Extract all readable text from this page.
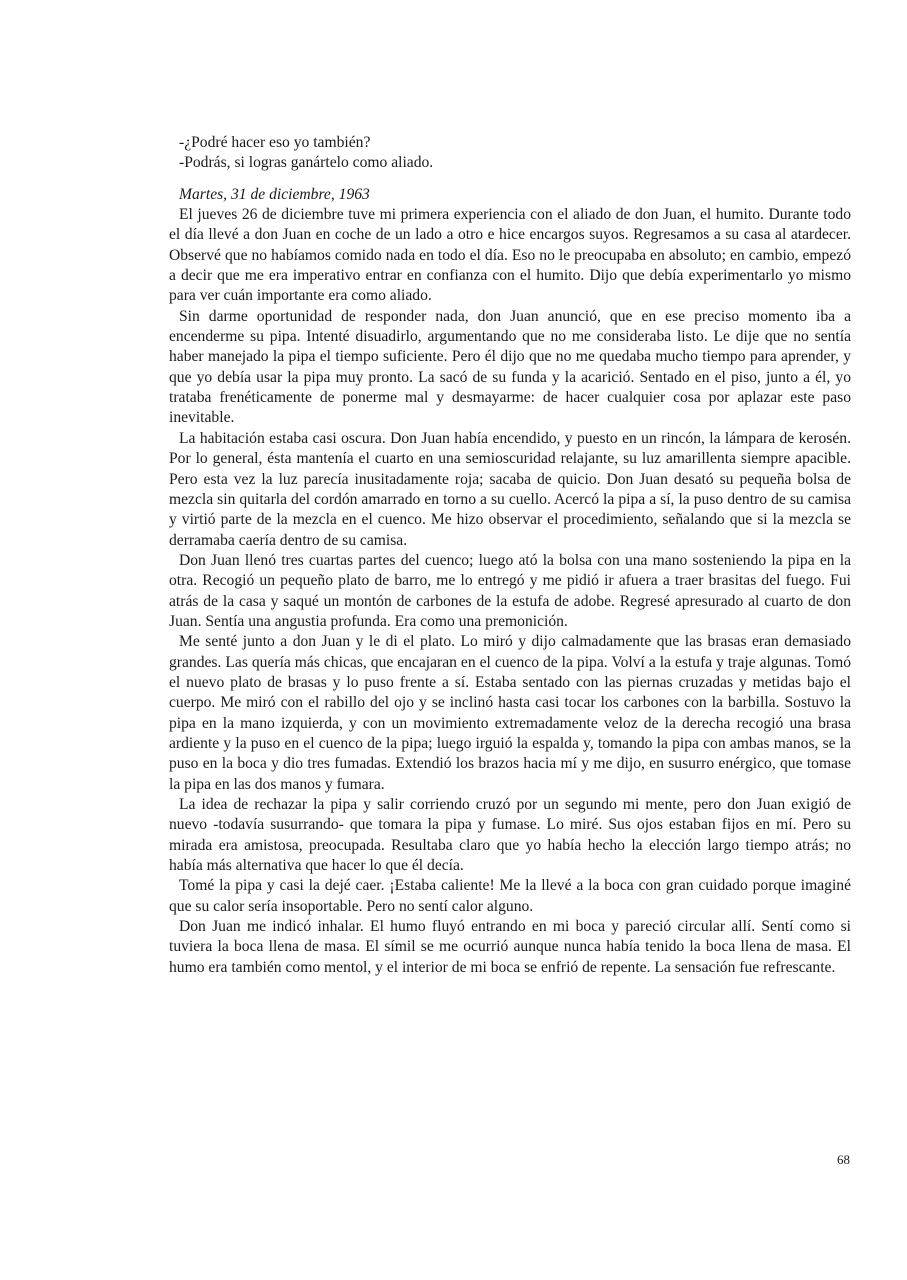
-¿Podré hacer eso yo también?

-Podrás, si logras ganártelo como aliado.

Martes, 31 de diciembre, 1963

El jueves 26 de diciembre tuve mi primera experiencia con el aliado de don Juan, el humito. Durante todo el día llevé a don Juan en coche de un lado a otro e hice encargos suyos. Regresamos a su casa al atardecer. Observé que no habíamos comido nada en todo el día. Eso no le preocupaba en absoluto; en cambio, empezó a decir que me era imperativo entrar en confianza con el humito. Dijo que debía experimentarlo yo mismo para ver cuán importante era como aliado.

Sin darme oportunidad de responder nada, don Juan anunció, que en ese preciso momento iba a encenderme su pipa. Intenté disuadirlo, argumentando que no me consideraba listo. Le dije que no sentía haber manejado la pipa el tiempo suficiente. Pero él dijo que no me quedaba mucho tiempo para aprender, y que yo debía usar la pipa muy pronto. La sacó de su funda y la acarició. Sentado en el piso, junto a él, yo trataba frenéticamente de ponerme mal y desmayarme: de hacer cualquier cosa por aplazar este paso inevitable.

La habitación estaba casi oscura. Don Juan había encendido, y puesto en un rincón, la lámpara de kerosén. Por lo general, ésta mantenía el cuarto en una semioscuridad relajante, su luz amarillenta siempre apacible. Pero esta vez la luz parecía inusitadamente roja; sacaba de quicio. Don Juan desató su pequeña bolsa de mezcla sin quitarla del cordón amarrado en torno a su cuello. Acercó la pipa a sí, la puso dentro de su camisa y virtió parte de la mezcla en el cuenco. Me hizo observar el procedimiento, señalando que si la mezcla se derramaba caería dentro de su camisa.

Don Juan llenó tres cuartas partes del cuenco; luego ató la bolsa con una mano sosteniendo la pipa en la otra. Recogió un pequeño plato de barro, me lo entregó y me pidió ir afuera a traer brasitas del fuego. Fui atrás de la casa y saqué un montón de carbones de la estufa de adobe. Regresé apresurado al cuarto de don Juan. Sentía una angustia profunda. Era como una premonición.

Me senté junto a don Juan y le di el plato. Lo miró y dijo calmadamente que las brasas eran demasiado grandes. Las quería más chicas, que encajaran en el cuenco de la pipa. Volví a la estufa y traje algunas. Tomó el nuevo plato de brasas y lo puso frente a sí. Estaba sentado con las piernas cruzadas y metidas bajo el cuerpo. Me miró con el rabillo del ojo y se inclinó hasta casi tocar los carbones con la barbilla. Sostuvo la pipa en la mano izquierda, y con un movimiento extremadamente veloz de la derecha recogió una brasa ardiente y la puso en el cuenco de la pipa; luego irguió la espalda y, tomando la pipa con ambas manos, se la puso en la boca y dio tres fumadas. Extendió los brazos hacia mí y me dijo, en susurro enérgico, que tomase la pipa en las dos manos y fumara.

La idea de rechazar la pipa y salir corriendo cruzó por un segundo mi mente, pero don Juan exigió de nuevo -todavía susurrando- que tomara la pipa y fumase. Lo miré. Sus ojos estaban fijos en mí. Pero su mirada era amistosa, preocupada. Resultaba claro que yo había hecho la elección largo tiempo atrás; no había más alternativa que hacer lo que él decía.

Tomé la pipa y casi la dejé caer. ¡Estaba caliente! Me la llevé a la boca con gran cuidado porque imaginé que su calor sería insoportable. Pero no sentí calor alguno.

Don Juan me indicó inhalar. El humo fluyó entrando en mi boca y pareció circular allí. Sentí como si tuviera la boca llena de masa. El símil se me ocurrió aunque nunca había tenido la boca llena de masa. El humo era también como mentol, y el interior de mi boca se enfrió de repente. La sensación fue refrescante.

68
